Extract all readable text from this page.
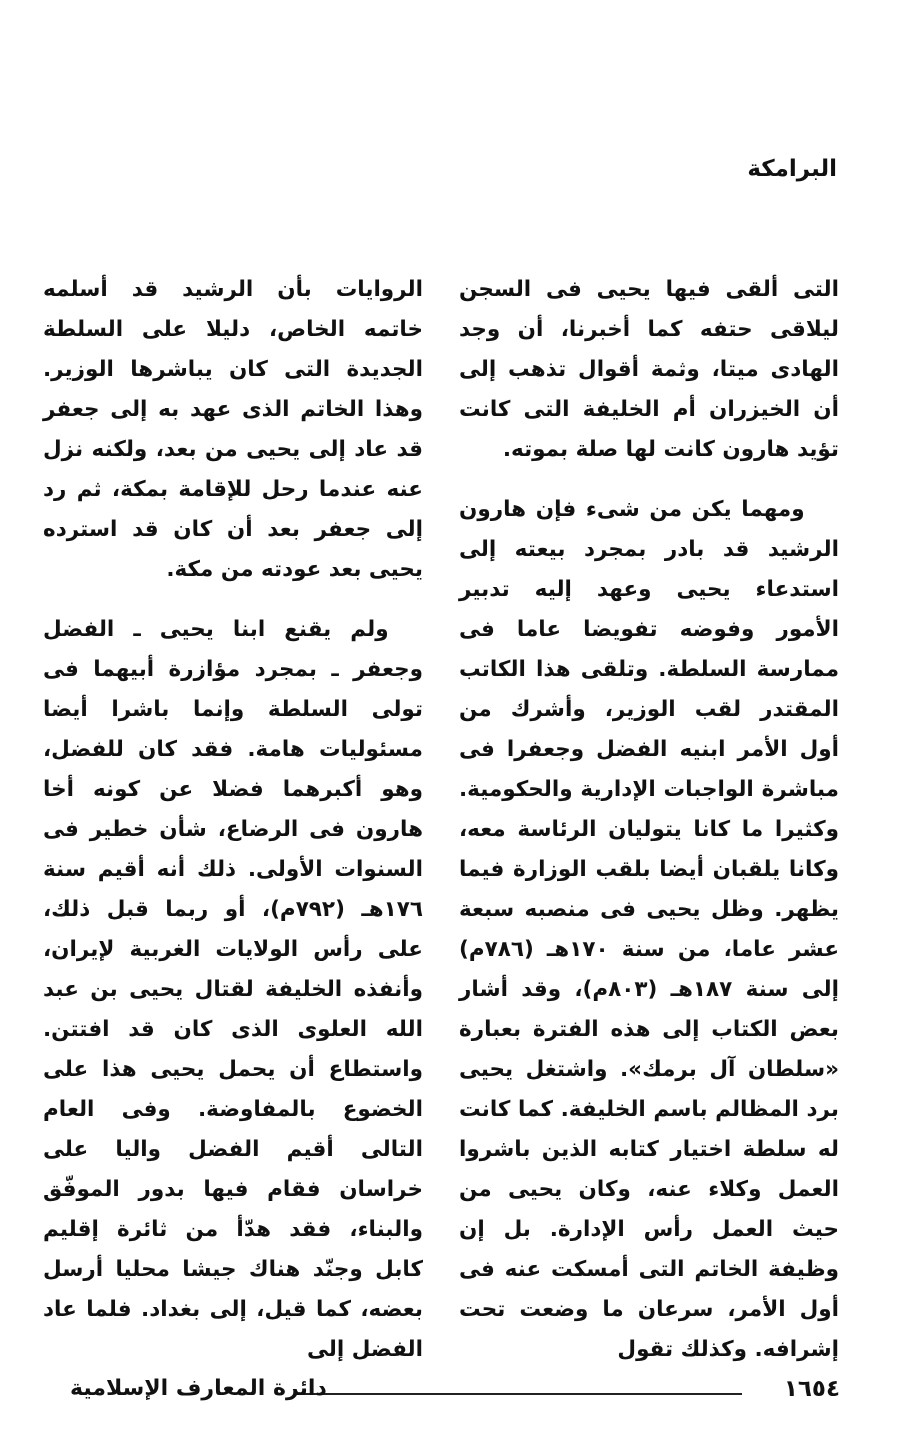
البرامكة

التى ألقى فيها يحيى فى السجن ليلاقى حتفه كما أخبرنا، أن وجد الهادى ميتا، وثمة أقوال تذهب إلى أن الخيزران أم الخليفة التى كانت تؤيد هارون كانت لها صلة بموته.

ومهما يكن من شىء فإن هارون الرشيد قد بادر بمجرد بيعته إلى استدعاء يحيى وعهد إليه تدبير الأمور وفوضه تفويضا عاما فى ممارسة السلطة. وتلقى هذا الكاتب المقتدر لقب الوزير، وأشرك من أول الأمر ابنيه الفضل وجعفرا فى مباشرة الواجبات الإدارية والحكومية. وكثيرا ما كانا يتوليان الرئاسة معه، وكانا يلقبان أيضا بلقب الوزارة فيما يظهر. وظل يحيى فى منصبه سبعة عشر عاما، من سنة ١٧٠هـ (٧٨٦م) إلى سنة ١٨٧هـ (٨٠٣م)، وقد أشار بعض الكتاب إلى هذه الفترة بعبارة «سلطان آل برمك». واشتغل يحيى برد المظالم باسم الخليفة. كما كانت له سلطة اختيار كتابه الذين باشروا العمل وكلاء عنه، وكان يحيى من حيث العمل رأس الإدارة. بل إن وظيفة الخاتم التى أمسكت عنه فى أول الأمر، سرعان ما وضعت تحت إشرافه. وكذلك تقول

الروايات بأن الرشيد قد أسلمه خاتمه الخاص، دليلا على السلطة الجديدة التى كان يباشرها الوزير. وهذا الخاتم الذى عهد به إلى جعفر قد عاد إلى يحيى من بعد، ولكنه نزل عنه عندما رحل للإقامة بمكة، ثم رد إلى جعفر بعد أن كان قد استرده يحيى بعد عودته من مكة.

ولم يقنع ابنا يحيى ـ الفضل وجعفر ـ بمجرد مؤازرة أبيهما فى تولى السلطة وإنما باشرا أيضا مسئوليات هامة. فقد كان للفضل، وهو أكبرهما فضلا عن كونه أخا هارون فى الرضاع، شأن خطير فى السنوات الأولى. ذلك أنه أقيم سنة ١٧٦هـ (٧٩٢م)، أو ربما قبل ذلك، على رأس الولايات الغربية لإيران، وأنفذه الخليفة لقتال يحيى بن عبد الله العلوى الذى كان قد افتتن. واستطاع أن يحمل يحيى هذا على الخضوع بالمفاوضة. وفى العام التالى أقيم الفضل واليا على خراسان فقام فيها بدور الموفّق والبناء، فقد هدّأ من ثائرة إقليم كابل وجنّد هناك جيشا محليا أرسل بعضه، كما قيل، إلى بغداد. فلما عاد الفضل إلى

١٦٥٤
دائرة المعارف الإسلامية
